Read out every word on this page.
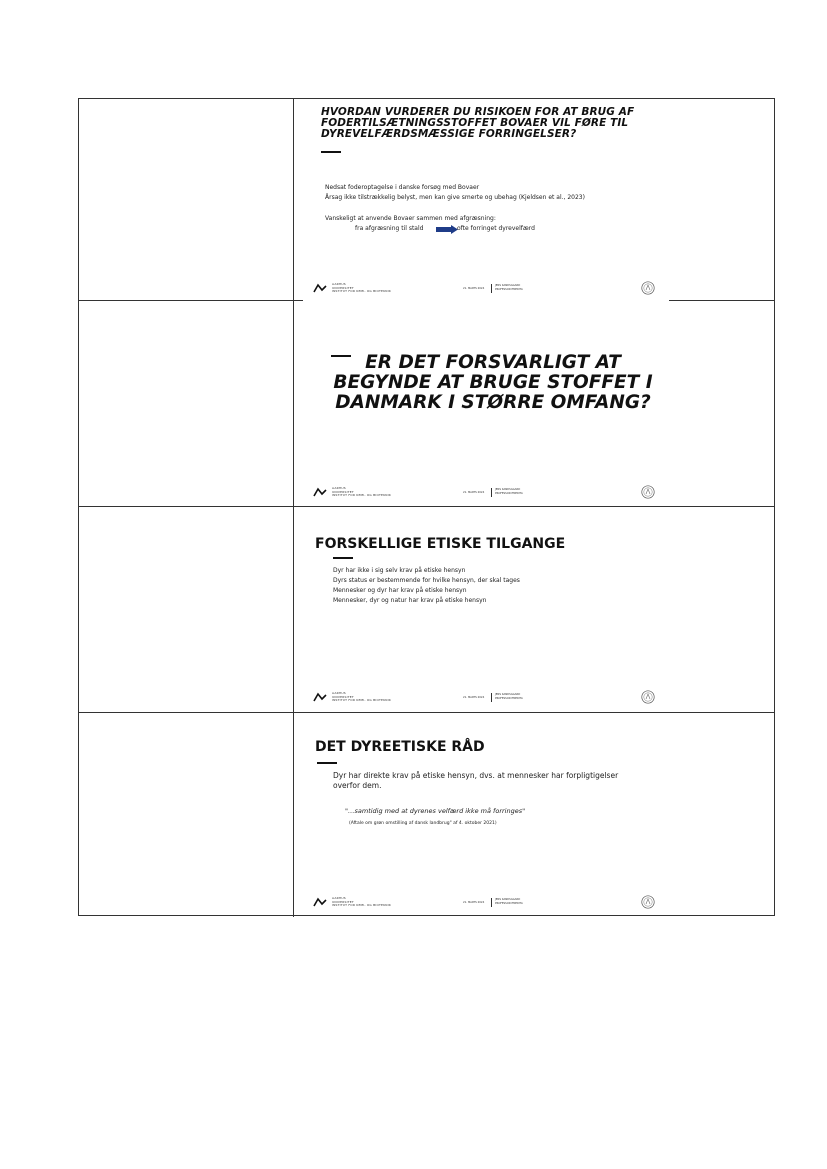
HVORDAN VURDERER DU RISIKOEN FOR AT BRUG AF FODERTILSÆTNINGSSTOFFET BOVAER VIL FØRE TIL DYREVELFÆRDSMÆSSIGE FORRINGELSER?
Nedsat foderoptagelse i danske forsøg med Bovaer
Årsag ikke tilstrækkelig belyst, men kan give smerte og ubehag (Kjeldsen et al., 2023)
Vanskeligt at anvende Bovaer sammen med afgræsning:
fra afgræsning til stald	ofte forringet dyrevelfærd
AARHUS
UNIVERSITET
INSTITUT FOR KEMI- OG BIOTEKNIK
21. MARTS 2024
JENS KANDSGAARD
PROFESSOR EMERITA
ER DET FORSVARLIGT AT BEGYNDE AT BRUGE STOFFET I DANMARK I STØRRE OMFANG?
AARHUS
UNIVERSITET
INSTITUT FOR KEMI- OG BIOTEKNIK
21. MARTS 2024
JENS KANDSGAARD
PROFESSOR EMERITA
FORSKELLIGE ETISKE TILGANGE
Dyr har ikke i sig selv krav på etiske hensyn
Dyrs status er bestemmende for hvilke hensyn, der skal tages
Mennesker og dyr har krav på etiske hensyn
Mennesker, dyr og natur har krav på etiske hensyn
AARHUS
UNIVERSITET
INSTITUT FOR KEMI- OG BIOTEKNIK
21. MARTS 2024
JENS KANDSGAARD
PROFESSOR EMERITA
DET DYREETISKE RÅD
Dyr har direkte krav på etiske hensyn, dvs. at mennesker har forpligtigelser overfor dem.
"…samtidig med at dyrenes velfærd ikke må forringes"
(Aftale om grøn omstilling af dansk landbrug" af 4. oktober 2021)
AARHUS
UNIVERSITET
INSTITUT FOR KEMI- OG BIOTEKNIK
21. MARTS 2024
JENS KANDSGAARD
PROFESSOR EMERITA
